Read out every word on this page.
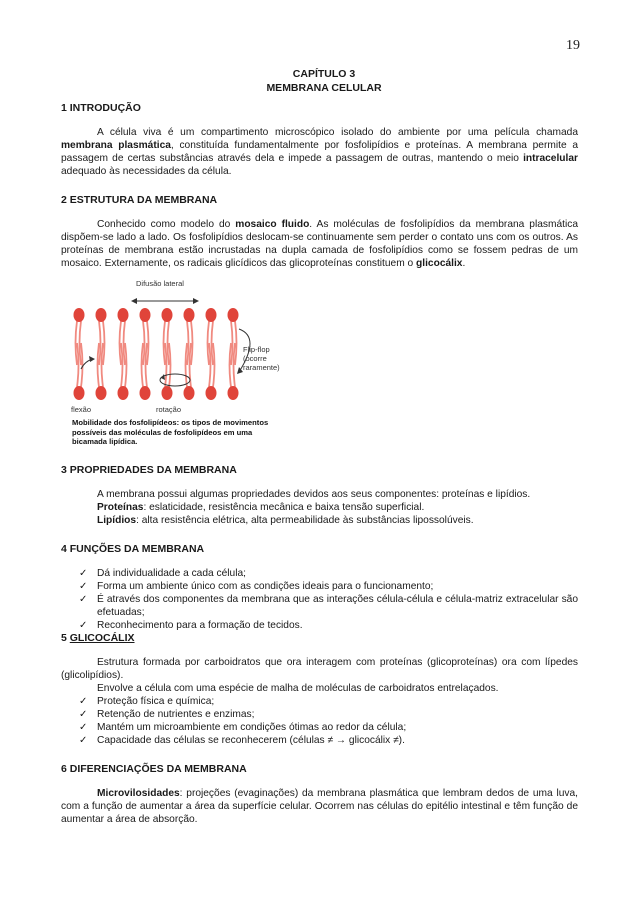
19
CAPÍTULO 3
MEMBRANA CELULAR
1 INTRODUÇÃO

A célula viva é um compartimento microscópico isolado do ambiente por uma película chamada membrana plasmática, constituída fundamentalmente por fosfolipídios e proteínas. A membrana permite a passagem de certas substâncias através dela e impede a passagem de outras, mantendo o meio intracelular adequado às necessidades da célula.

2 ESTRUTURA DA MEMBRANA

Conhecido como modelo do mosaico fluido. As moléculas de fosfolipídios da membrana plasmática dispõem-se lado a lado. Os fosfolipídios deslocam-se continuamente sem perder o contato uns com os outros. As proteínas de membrana estão incrustadas na dupla camada de fosfolipídios como se fossem pedras de um mosaico. Externamente, os radicais glicídicos das glicoproteínas constituem o glicocálix.

Difusão lateral
Flip-flop (ocorre raramente)
flexão	rotação
Mobilidade dos fosfolipídeos: os tipos de movimentos possíveis das moléculas de fosfolipídeos em uma bicamada lipídica.
3 PROPRIEDADES DA MEMBRANA
A membrana possui algumas propriedades devidos aos seus componentes: proteínas e lipídios.
Proteínas: eslaticidade, resistência mecânica e baixa tensão superficial.
Lipídios: alta resistência elétrica, alta permeabilidade às substâncias lipossolúveis.
4 FUNÇÕES DA MEMBRANA
✓ Dá individualidade a cada célula;
✓ Forma um ambiente único com as condições ideais para o funcionamento;
✓ É através dos componentes da membrana que as interações célula-célula e célula-matriz extracelular são efetuadas;
✓ Reconhecimento para a formação de tecidos.
5 GLICOCÁLIX

Estrutura formada por carboidratos que ora interagem com proteínas (glicoproteínas) ora com lípedes (glicolipídios).

Envolve a célula com uma espécie de malha de moléculas de carboidratos entrelaçados.

✓ Proteção física e química;
✓ Retenção de nutrientes e enzimas;
✓ Mantém um microambiente em condições ótimas ao redor da célula;
✓ Capacidade das células se reconhecerem (células ≠ → glicocálix ≠).
6 DIFERENCIAÇÕES DA MEMBRANA

Microvilosidades: projeções (evaginações) da membrana plasmática que lembram dedos de uma luva, com a função de aumentar a área da superfície celular. Ocorrem nas células do epitélio intestinal e têm função de aumentar a área de absorção.
